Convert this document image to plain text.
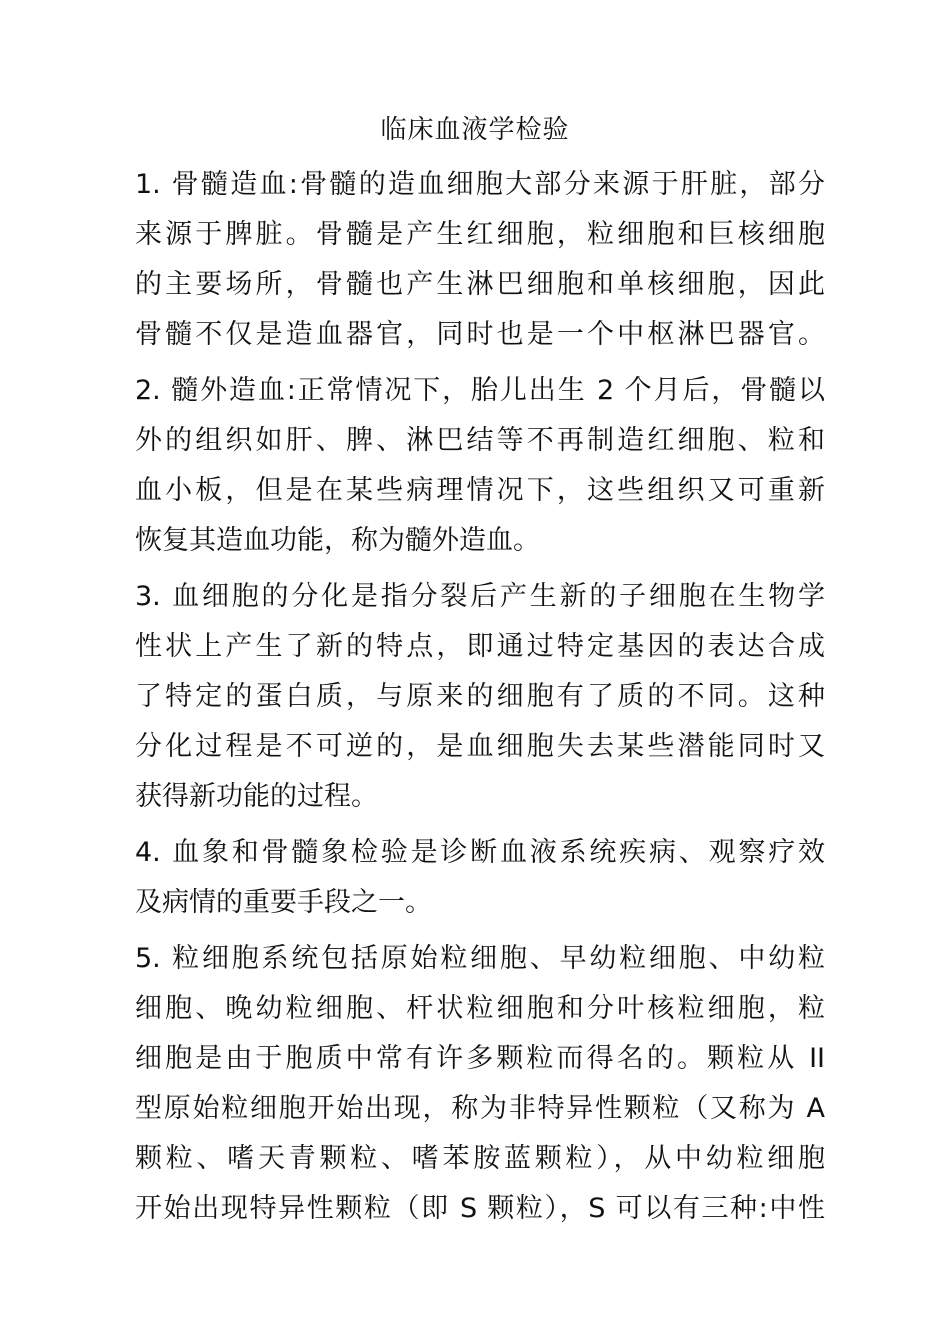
临床血液学检验
1. 骨髓造血:骨髓的造血细胞大部分来源于肝脏，部分
来源于脾脏。骨髓是产生红细胞，粒细胞和巨核细胞
的主要场所，骨髓也产生淋巴细胞和单核细胞，因此
骨髓不仅是造血器官，同时也是一个中枢淋巴器官。
2. 髓外造血:正常情况下，胎儿出生 2 个月后，骨髓以
外的组织如肝、脾、淋巴结等不再制造红细胞、粒和
血小板，但是在某些病理情况下，这些组织又可重新
恢复其造血功能，称为髓外造血。
3. 血细胞的分化是指分裂后产生新的子细胞在生物学
性状上产生了新的特点，即通过特定基因的表达合成
了特定的蛋白质，与原来的细胞有了质的不同。这种
分化过程是不可逆的，是血细胞失去某些潜能同时又
获得新功能的过程。
4. 血象和骨髓象检验是诊断血液系统疾病、观察疗效
及病情的重要手段之一。
5. 粒细胞系统包括原始粒细胞、早幼粒细胞、中幼粒
细胞、晚幼粒细胞、杆状粒细胞和分叶核粒细胞，粒
细胞是由于胞质中常有许多颗粒而得名的。颗粒从 II
型原始粒细胞开始出现，称为非特异性颗粒（又称为 A
颗粒、嗜天青颗粒、嗜苯胺蓝颗粒），从中幼粒细胞
开始出现特异性颗粒（即 S 颗粒），S 可以有三种:中性
